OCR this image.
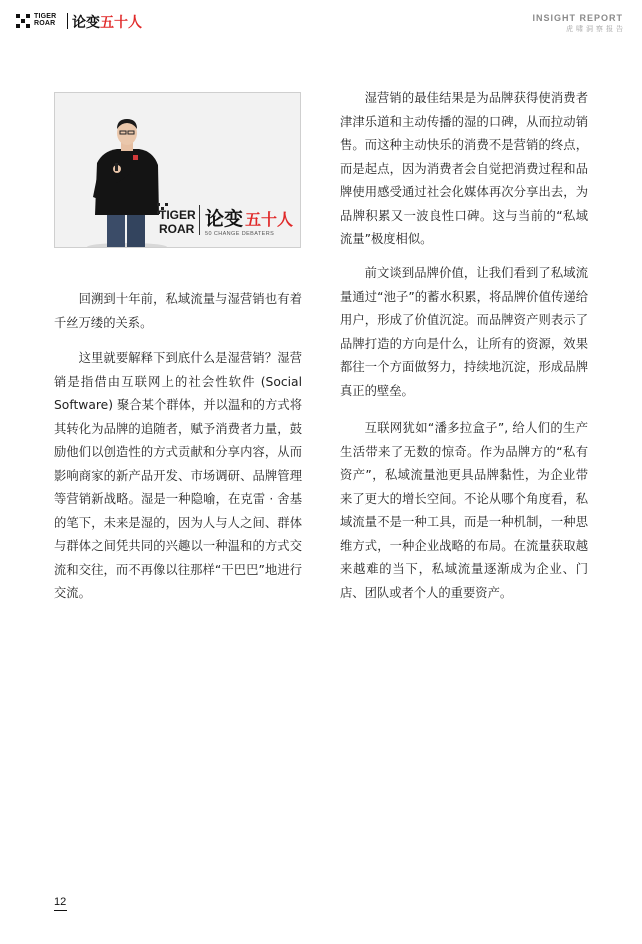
TIGER
ROAR 论变 五十人	INSIGHT REPORT
虎啸洞察报告
TIGER
ROAR 论变 五十人
50 CHANGE DEBATERS

回溯到十年前，私域流量与湿营销也有着千丝万缕的关系。

这里就要解释下到底什么是湿营销？湿营销是指借由互联网上的社会性软件 (Social Software) 聚合某个群体，并以温和的方式将其转化为品牌的追随者，赋予消费者力量，鼓励他们以创造性的方式贡献和分享内容，从而影响商家的新产品开发、市场调研、品牌管理等营销新战略。湿是一种隐喻，在克雷 · 舍基的笔下，未来是湿的，因为人与人之间、群体与群体之间凭共同的兴趣以一种温和的方式交流和交往，而不再像以往那样“干巴巴”地进行交流。

湿营销的最佳结果是为品牌获得使消费者津津乐道和主动传播的湿的口碑，从而拉动销售。而这种主动快乐的消费不是营销的终点，而是起点，因为消费者会自觉把消费过程和品牌使用感受通过社会化媒体再次分享出去，为品牌积累又一波良性口碑。这与当前的“私域流量”极度相似。

前文谈到品牌价值，让我们看到了私域流量通过“池子”的蓄水积累，将品牌价值传递给用户，形成了价值沉淀。而品牌资产则表示了品牌打造的方向是什么，让所有的资源，效果都往一个方面做努力，持续地沉淀，形成品牌真正的壁垒。

互联网犹如“潘多拉盒子”, 给人们的生产生活带来了无数的惊奇。作为品牌方的“私有资产”，私域流量池更具品牌黏性，为企业带来了更大的增长空间。不论从哪个角度看，私域流量不是一种工具，而是一种机制，一种思维方式，一种企业战略的布局。在流量获取越来越难的当下，私域流量逐渐成为企业、门店、团队或者个人的重要资产。

12
